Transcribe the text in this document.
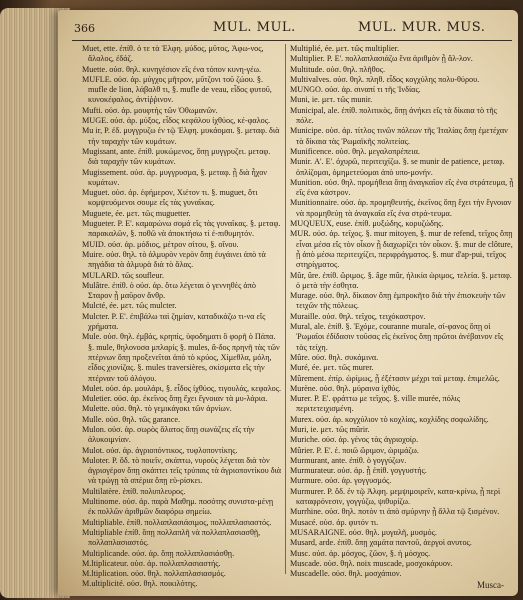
366	MUL. MUL.	MUL. MUR. MUS.

Muet, ette. ἐπίθ. ὁ τε τὰ Ἐλφη. μύδος, μῦτος, Ἀφω-νος, ἄλαλος, ἐδάζ.

Muette. οὐσ. θηλ. κυνηγέσιον εἴς ἐνα τόπον κυνη-γέω.

MUFLE. οὐσ. ἀρ. μύγχος μῆτρον, μῦτζονι τοῦ ζώου. §. mufle de lion, λάβαλθ τι, §. mufle de veau, εἶδος φυτοῦ, κυνοκέφαλος, ἀντίῤῥινον.

Mufti. οὐσ. ἀρ. μουφτής τῶν Ὀθωμανῶν.

MUGE. οὐσ. ἀρ. μύξος, εἶδος κεφάλου ἰχθύος, κέ-φαλος.

Mu ir, P. ἐδ. μυγγρυζω ἐν τῷ Ἐλφη. μυκάομαι. §. μεταφ. διὰ τὴν ταραχὴν τῶν κυμάτων.

Mugissant, ante. ἐπίθ. μυκώμενος, ὅπῃ μυγγρυζει. μεταφ. διὰ ταραχὴν τῶν κυμάτων.

Mugissement. οὐσ. ἀρ. μυγγρυσμα, §. μεταφ. ᾗ διὰ ἦχον κυμάτων.

Muguet. οὐσ. ἀρ. ἐφήμερον, Χιέτον τι. §. muguet, ὅτι κομψευόμενοι σουμε εἴς τὰς γυναῖκας.

Muguete, ée. μετ. τῶς muguetter.

Mugueter. P. E'. καμαρώνω σομά εἴς τὰς γυναῖκας. §. μεταφ. παρακαλῶν, §. ποθῶ νὰ ἀποκτήσω τί ἐ-πιθυμητόν.

MUID. οὐσ. ἀρ. μόδιος, μέτρον σίτου, §. οἴνου.

Muire. οὐσ. θηλ. τὸ ἀλμυρὸν νερὸν ὅπῃ ἐυγάινει ἀπὸ τὰ πηγάδια τὰ ἁλμυρὰ διὰ τὸ ἅλας.

MULARD. τῶς soufleur.

Mulâtre. ἐπίθ. ὁ οὐσ. ἀρ. ὅτω λέγεται ὁ γεννηθὲς ἀπὸ Σταρον ᾗ μαῦρον ἄνθρ.

Mulcté, ée. μετ. τῶς mulcter.

Mulcter. P. E'. ἐπιβάλω ταὶ ζημίαν, καταδικάζω τι-να εἴς χρήματα.

Mule. οὐσ. θηλ. ἐμβάς, κρηπίς, ὑφοδηματι ὃ φορῆ ὁ Πάπα. §. mule, θηλονοσα μπλαρίς §. mules, ἄ-δος πρηνῆ τὰς τῶν πτέρνων ὅπῃ προξενεῖται ἀπὸ τὸ κρύος, Χίμεθλα, μόλη, εἶδος χιονίζας. §. mules traversières, σκίσματα εἴς τὴν πτέρναν τοῦ ἀλόγου.

Mulet. οὐσ. ἀρ. μουλάρι, §. εἶδος ἰχθύος, τιγουλάς, κεφαλος.

Muletier. οὐσ. ἀρ. ἐκεῖνος ὅπῃ ἔχει ἔγνοιαν τὰ μυ-λάρια.

Mulette. οὐσ. θηλ. τὸ γεμικάγοκι τῶν ἀρνίων.

Mulle. οὐσ. θηλ. τῶς garance.

Mulon. οὐσ. ἀρ. σωρὸς ἅλατος ὅπῃ σωνάζεις εἴς τὴν ἁλυκοιμνίαν.

Mulot. οὐσ. ἀρ. ἀγριοπόντικος, τυφλοποντίκης.

Muloter. P. ὅδ. τὸ ποιεῖν, σκάπτω, νυροὺς λέγεται διὰ τὸν ἀγριογέρον ὅπῃ σκάπτει τεῖς τρύπαις τὰ ἀγριοποντίκου διὰ νὰ τρώγῃ τὰ σπέρια ὅπῃ εὑ-ρίσκει.

Multilatère. ἐπίθ. πολυπλευρος.

Multinome. οὐσ. ἀρ. παρὰ Μαθημ. ποσότης συνιστα-μένῃ ἐκ πολλῶν ἀριθμῶν διαφόρω σημείω.

Multipliable. ἐπίθ. πολλαπλασιάσιμος, πολλαπλασιαστός.

Multipliable ἐπίθ. ὅπῃ πολλαπλῆ νὰ πολλαπλασιασθῇ, πολλαπλασιαστός.

Multiplicande. οὐσ. ἀρ. ὅπῃ πολλαπλασιάσθῃ.

M.ltiplicateur. οὐσ. ἀρ. πολλαπλασιαστής.

M.ltiplication. οὐσ. θηλ. πολλαπλασιασμός.

M.ultiplicité. οὐσ. θηλ. ποικιλότης.

Multiplié, ée. μετ. τῶς multiplier.

Multiplier. P. E'. πολλαπλασιάζω ἕνα ἀριθμὸν ᾗ ἄλ-λον.

Multitude. οὐσ. θηλ. πλῆθος.

Multivalves. οὐσ. θηλ. πληθ. εἶδος κογχύλης πολυ-θύρου.

MUNGO. οὐσ. ἀρ. σιναπί τι τῆς Ἰνδίας.

Muni, ie. μετ. τῶς munir.

Municipal, ale. ἐπίθ. πολιτικὸς, ὅπῃ ἀνήκει εἴς τὰ δίκαια τὸ τῆς πόλε.

Municipe. οὐσ. ἀρ. τίτλος τινῶν πόλεων τῆς Ἰταλίας ὅπῃ ἐμετέχαν τὰ δίκαια τὰς Ῥωμαϊκῆς πολιτείας.

Munificence. οὐσ. θηλ. μεγαλοπρέπεια.

Munir. Α'. Ε'. ὀχυρῶ, περιτειχίζω. §. se munir de patience, μεταφ. ὁπλίζομαι, ὁμημετεύομαι ἀπὸ υπο-μονήν.

Munition. οὐσ. θηλ. προμήθεια ὅπῃ ἀναγκαῖον εἴς ἐνα στράτευμα, ᾗ εἴς ἐνα κάστρον.

Munitionnaire. οὐσ. ἀρ. προμηθευτής, ἐκεῖνος ὅπῃ ἔχει τὴν ἔγνοιαν νὰ προμηθεύῃ τὰ ἀναγκαῖα εἴς ἐνα στρά-τευμα.

MUQUEUX, euse. ἐπίθ. μυξώδης, κορυζώδης.

MUR. οὐσ. ἀρ. τεῖχος. §. mur mitoyen, §. mur de refend, τεῖχος ὅπῃ εἶναι μέσα εἴς τὸν οἶκον ᾗ διαχωρίζει τὸν οἶκον. §. mur de clôture, ᾗ ἀπὸ μέσω περιτειχίζει, περιφράγματος. §. mur d'ap-pui, τεῖχος στηρίγματος.

Mûr, ûre. ἐπίθ. ὥριμος. §. âge mûr, ἡλικία ὡριμος, τελεία. §. μεταφ. ὁ μετὰ τὴν ἐσθητα.

Murage. οὐσ. θηλ. δίκαιον ὅπῃ ἐμπροκῆτο διὰ τὴν ἐπισκευὴν τῶν τειχῶν τῆς πόλεως.

Muraille. οὐσ. θηλ. τεῖχος, τειχόκαστρον.

Mural, ale. ἐπίθ. §. Ἐχόμε, couranne murale, σί-φανος ὅπῃ οἱ Ῥωμαῖοι ἐδίδασιν τοῦσας εἴς ἐκεῖνος ὅπῃ πρῶτοι ἀνέβαινον εἴς τὰς τείχη.

Mûre. οὐσ. θηλ. συκάμινα.

Muré, ée. μετ. τῶς murer.

Mûrement. ἐπίρ. ὡρίμως, ᾗ ἐξέτασιν μέχρι ταὶ μεταφ. ἐπιμελῶς.

Murène. οὐσ. θηλ. μύραινα ἰχθύς.

Murer. P. E'. φράττω με τεῖχος. §. ville murée, πόλις περιτετειχισμένη.

Murex. οὐσ. ἀρ. κογχύλιον τὸ κοχλίας, κοχλίδης σοφωλίδης.

Muri, ie. μετ. τῶς mûrir.

Muriche. οὐσ. ἀρ. γένος τὰς ἀγριοχοίρ.

Mûrier. P. E'. ἐ. ποιῶ ὥριμον, ὡριμάζω.

Murmurant, ante. ἐπίθ. ὁ γογγύζων.

Murmurateur. οὐσ. ἀρ. ᾗ ἐπίθ. γογγυστής.

Murmure. οὐσ. ἀρ. γογγυσμός.

Murmurer. P. ὅδ. ἐν τῷ Ἀλφη. μεμψιμοιρεῖν, κατα-κρίνω, ᾗ περὶ καταφρόνεσιν, γογγύζω, ψιθυρίζω.

Murrhine. οὐσ. θηλ. ποτὸν τι ἀπὸ σμύρνην ᾗ ἄλλα τῷ ξισμένον.

Musacé. οὐσ. ἀρ. φυτόν τι.

MUSARAIGNE. οὐσ. θηλ. μυγαλῆ, μυσμός.

Musard, arde. ἐπίθ. ὅπῃ χαμάτα παντοῦ, ἀεργοὶ ανυτος.

Musc. οὐσ. ἀρ. μόσχος, ζῶον, §. ἡ μόσχος.

Muscade. οὐσ. θηλ. noix muscade, μοσχοκάρυον.

Muscadelle. οὐσ. θηλ. μοσχάπιον.

Musca-
